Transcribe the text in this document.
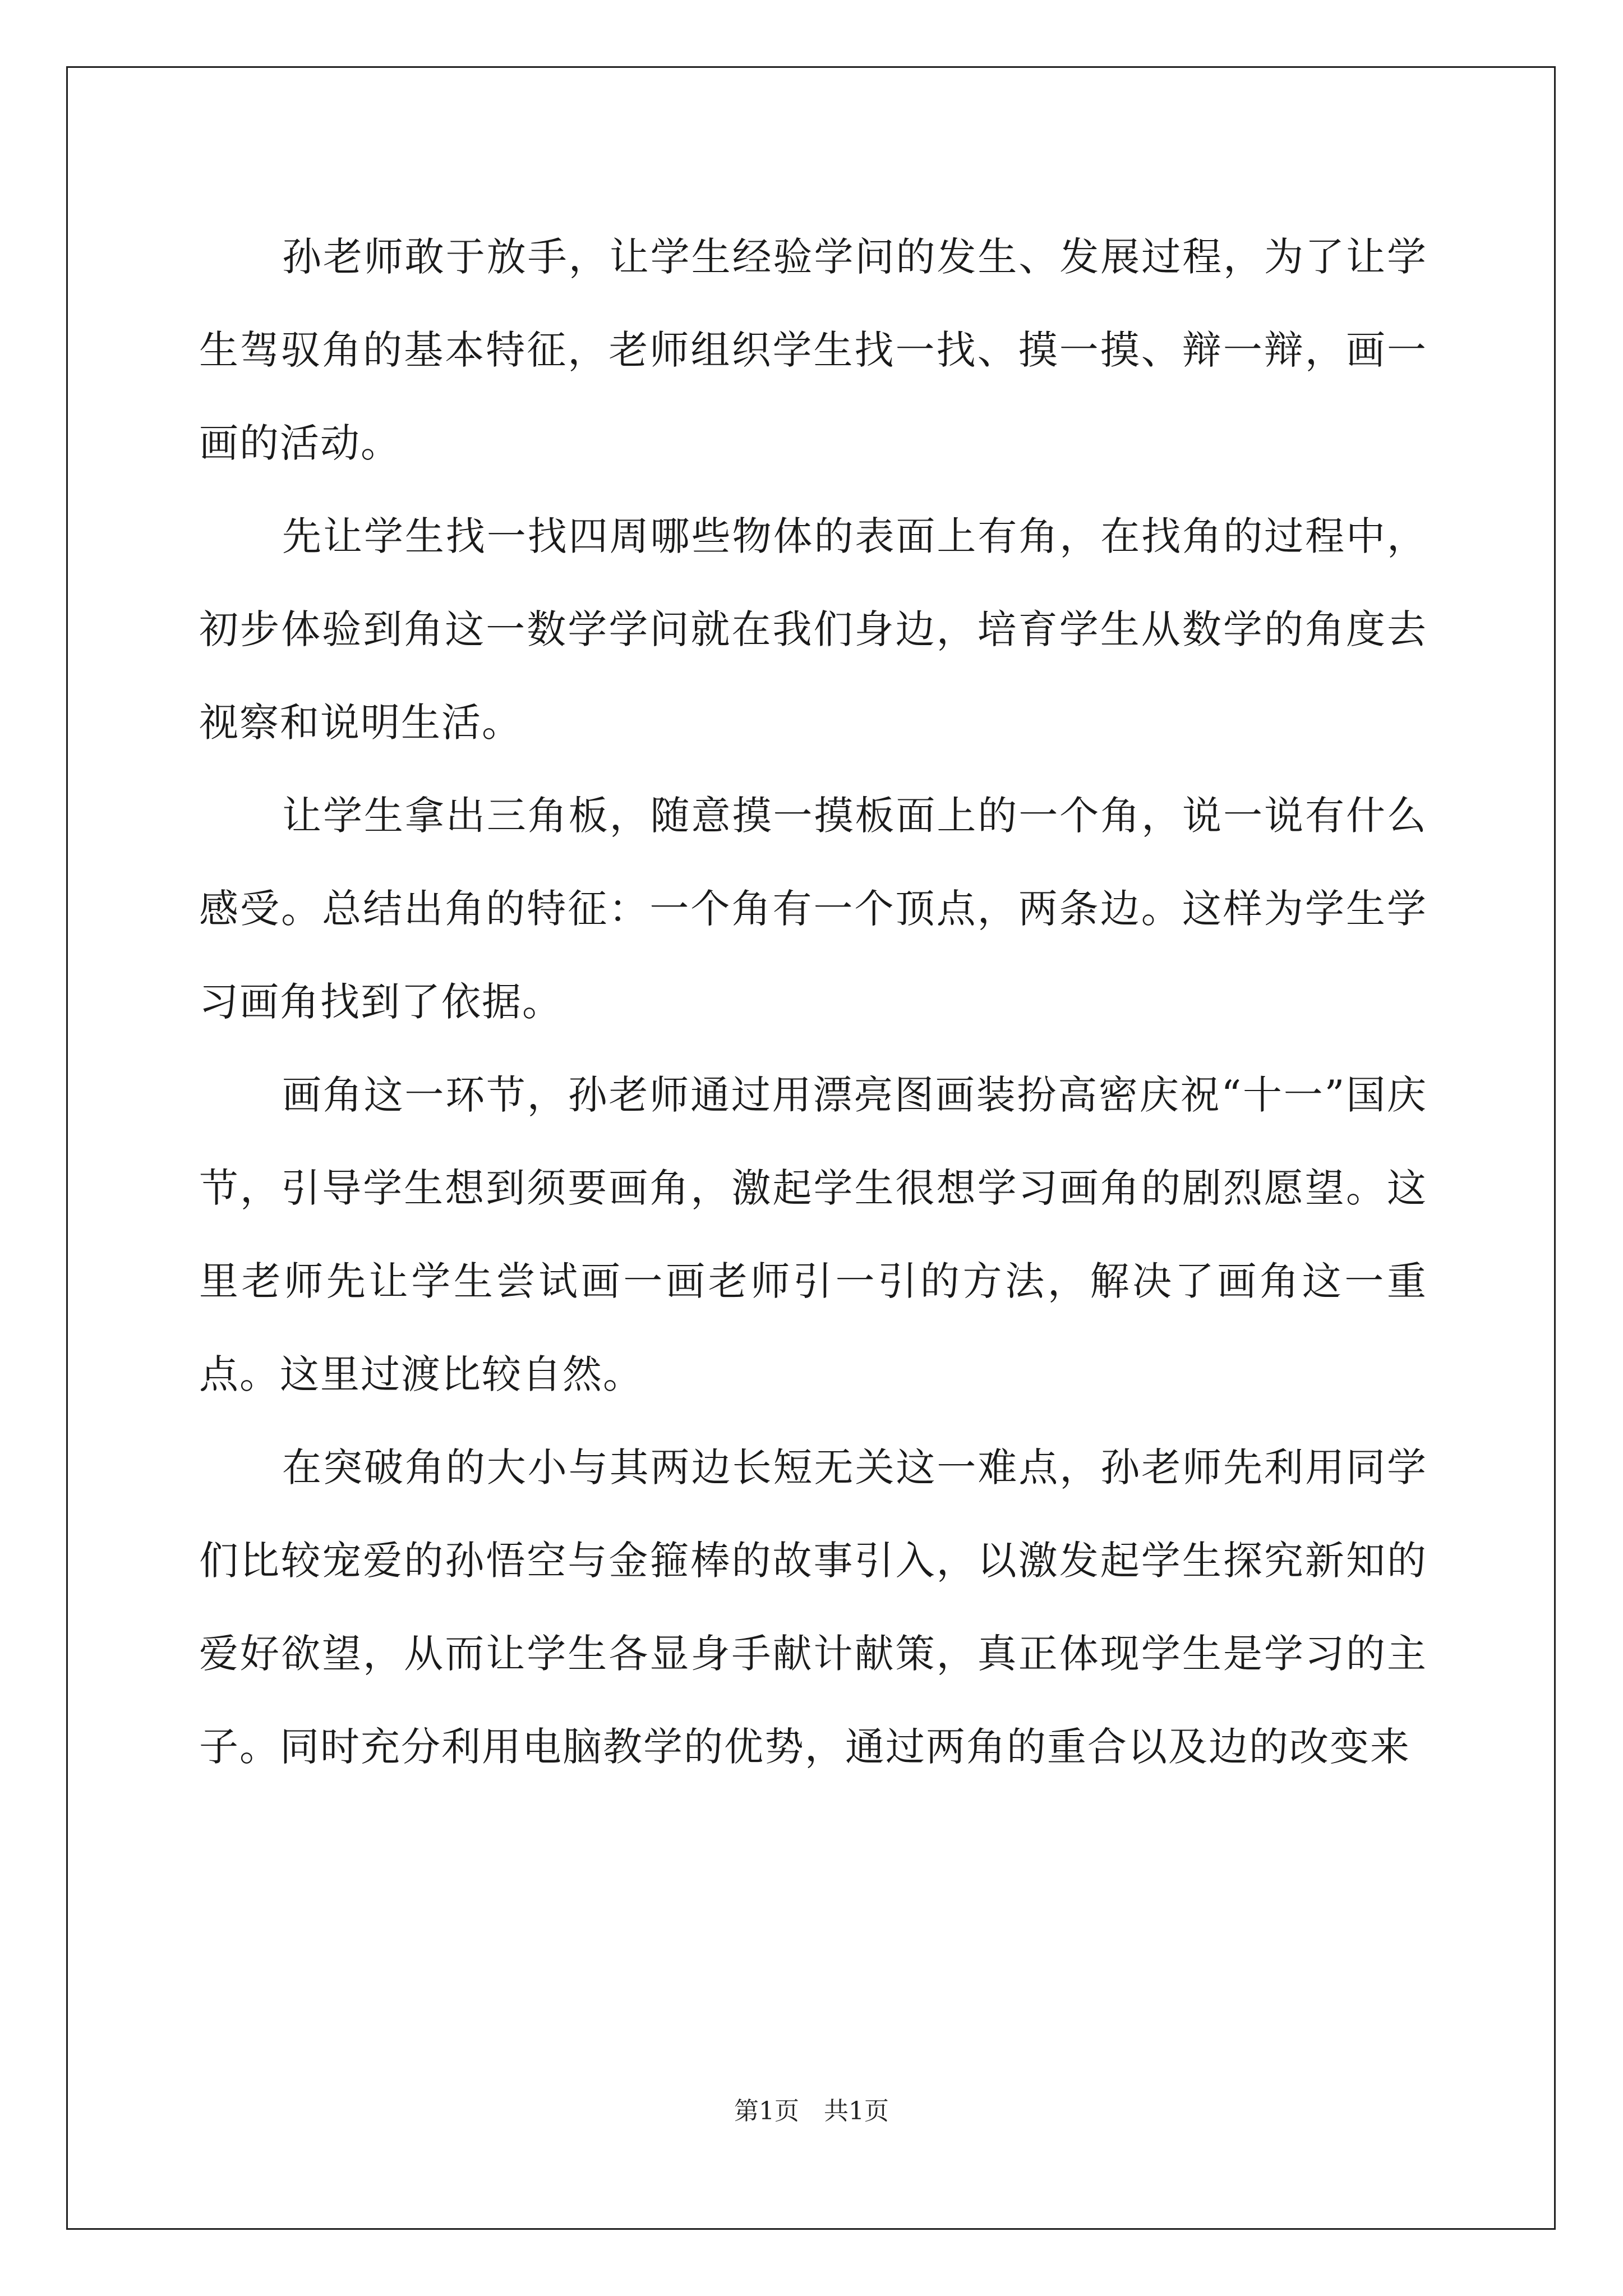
孙老师敢于放手，让学生经验学问的发生、发展过程，为了让学生驾驭角的基本特征，老师组织学生找一找、摸一摸、辩一辩，画一画的活动。

先让学生找一找四周哪些物体的表面上有角，在找角的过程中，初步体验到角这一数学学问就在我们身边，培育学生从数学的角度去视察和说明生活。

让学生拿出三角板，随意摸一摸板面上的一个角，说一说有什么感受。总结出角的特征：一个角有一个顶点，两条边。这样为学生学习画角找到了依据。

画角这一环节，孙老师通过用漂亮图画装扮高密庆祝“十一”国庆节，引导学生想到须要画角，激起学生很想学习画角的剧烈愿望。这里老师先让学生尝试画一画老师引一引的方法，解决了画角这一重点。这里过渡比较自然。

在突破角的大小与其两边长短无关这一难点，孙老师先利用同学们比较宠爱的孙悟空与金箍棒的故事引入，以激发起学生探究新知的爱好欲望，从而让学生各显身手献计献策，真正体现学生是学习的主子。同时充分利用电脑教学的优势，通过两角的重合以及边的改变来

第1页　共1页
